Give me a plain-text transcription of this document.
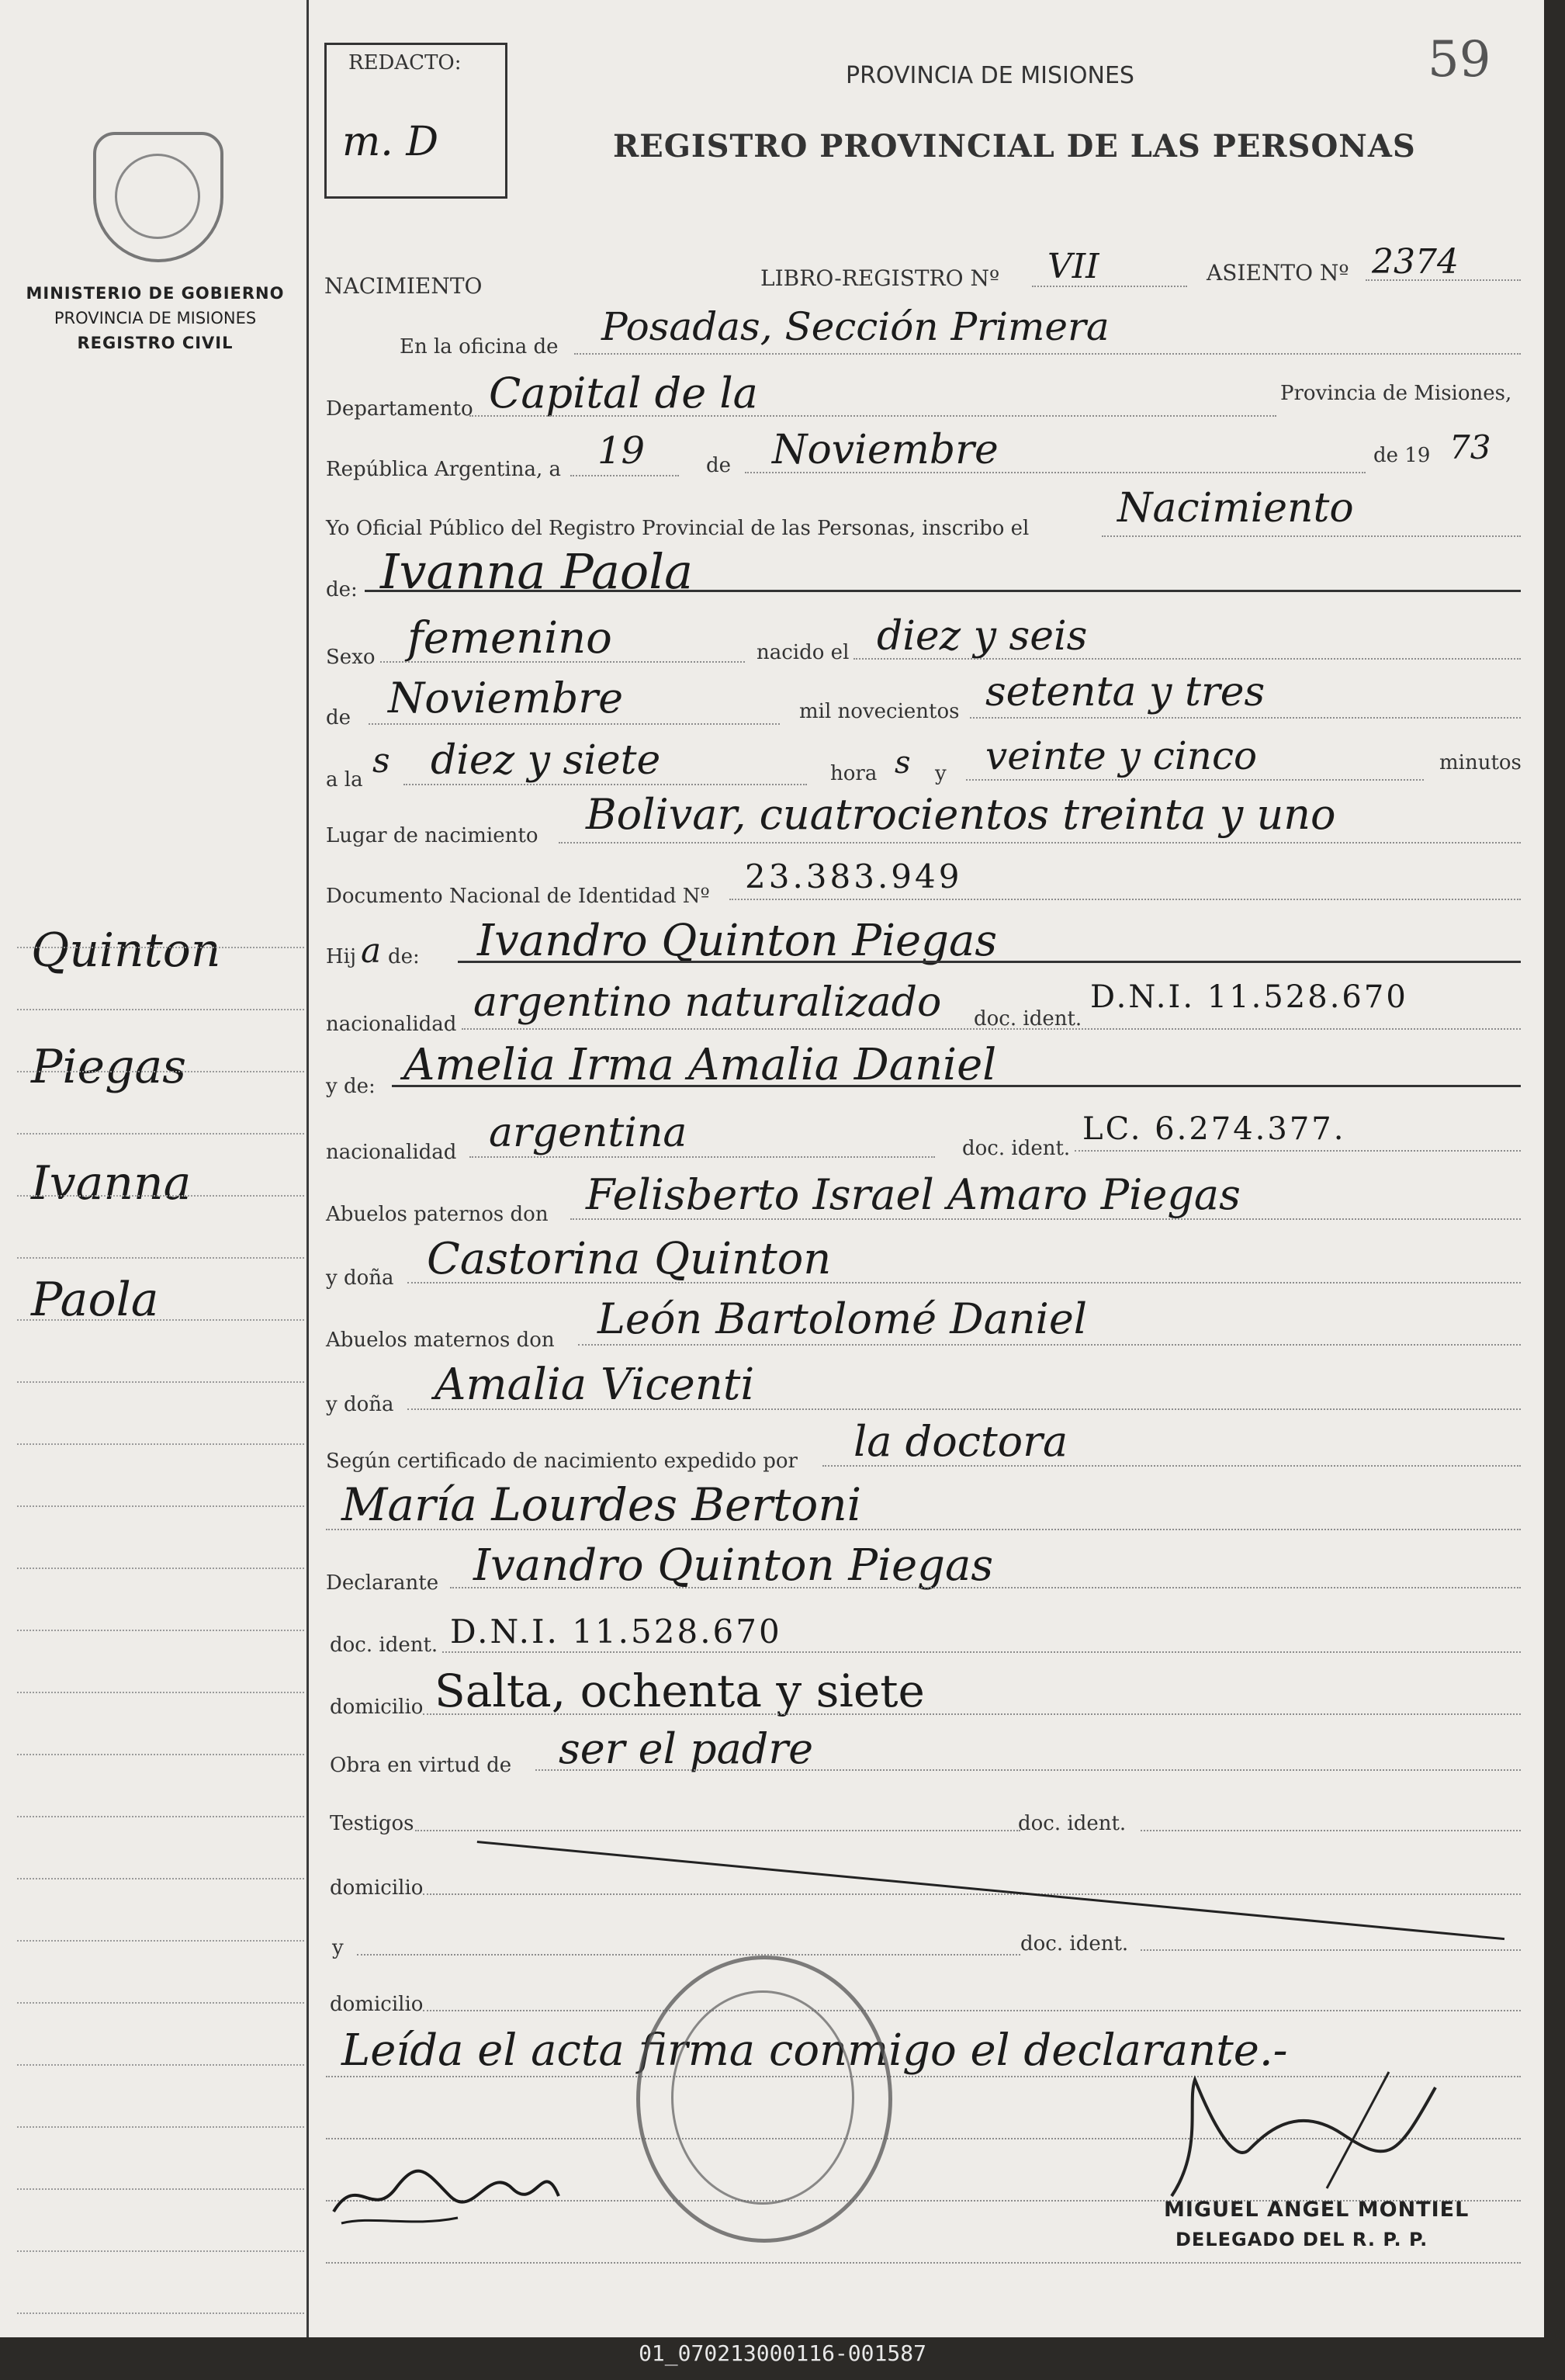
MINISTERIO DE GOBIERNO
PROVINCIA DE MISIONES
REGISTRO CIVIL
Quinton
Piegas
Ivanna
Paola
REDACTO:
m. D
59
PROVINCIA DE MISIONES
REGISTRO PROVINCIAL DE LAS PERSONAS
NACIMIENTO	LIBRO-REGISTRO Nº VII	ASIENTO Nº 2374
En la oficina de Posadas, Sección Primera
Departamento Capital de la	Provincia de Misiones,
República Argentina, a 19	de Noviembre	de 19 73
Yo Oficial Público del Registro Provincial de las Personas, inscribo el Nacimiento
de: Ivanna Paola
Sexo femenino	nacido el diez y seis
de Noviembre	mil novecientos setenta y tres
a la s diez y siete	hora s y veinte y cinco	minutos
Lugar de nacimiento Bolivar, cuatrocientos treinta y uno
Documento Nacional de Identidad Nº
23.383.949
Hij a de: Ivandro Quinton Piegas
nacionalidad argentino naturalizado doc. ident.
D.N.I. 11.528.670
y de: Amelia Irma Amalia Daniel
nacionalidad argentina	doc. ident.
LC. 6.274.377.
Abuelos paternos don Felisberto Israel Amaro Piegas
y doña Castorina Quinton
Abuelos maternos don León Bartolomé Daniel
y doña Amalia Vicenti
Según certificado de nacimiento expedido por la doctora
María Lourdes Bertoni
Declarante Ivandro Quinton Piegas
doc. ident. D.N.I. 11.528.670
domicilio Salta, ochenta y siete
Obra en virtud de ser el padre
Testigos	doc. ident.
domicilio
y	doc. ident.
domicilio
Leída el acta firma conmigo el declarante.-
MIGUEL ANGEL MONTIEL
DELEGADO DEL R. P. P.
01_070213000116-001587
